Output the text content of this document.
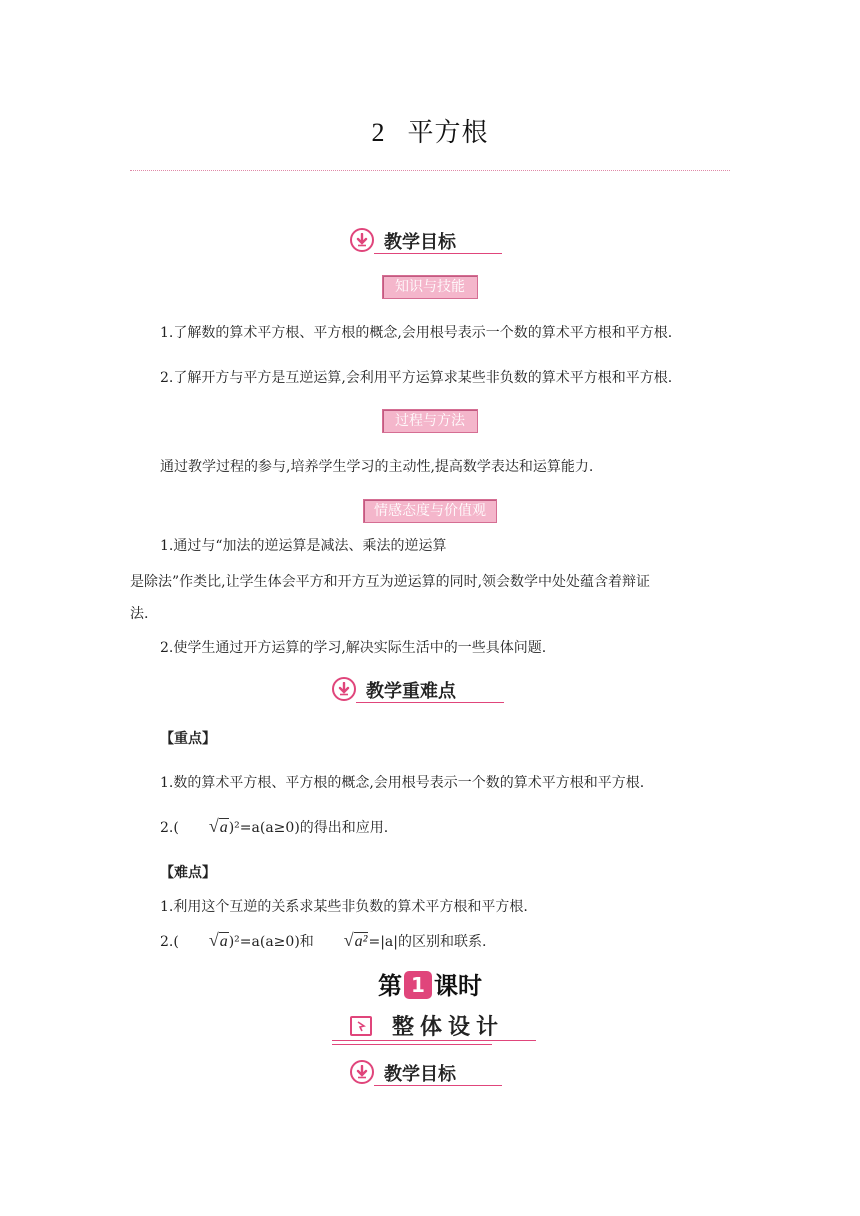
2 平方根
教学目标
知识与技能
1.了解数的算术平方根、平方根的概念,会用根号表示一个数的算术平方根和平方根.
2.了解开方与平方是互逆运算,会利用平方运算求某些非负数的算术平方根和平方根.
过程与方法
通过教学过程的参与,培养学生学习的主动性,提高数学表达和运算能力.
情感态度与价值观
1.通过与“加法的逆运算是减法、乘法的逆运算
是除法”作类比,让学生体会平方和开方互为逆运算的同时,领会数学中处处蕴含着辩证
法.
2.使学生通过开方运算的学习,解决实际生活中的一些具体问题.
教学重难点
【重点】
1.数的算术平方根、平方根的概念,会用根号表示一个数的算术平方根和平方根.
2.( √a)²=a(a≥0)的得出和应用.
【难点】
1.利用这个互逆的关系求某些非负数的算术平方根和平方根.
2.( √a)²=a(a≥0)和 √a²=|a|的区别和联系.
第 1 课时
整体设计
教学目标
